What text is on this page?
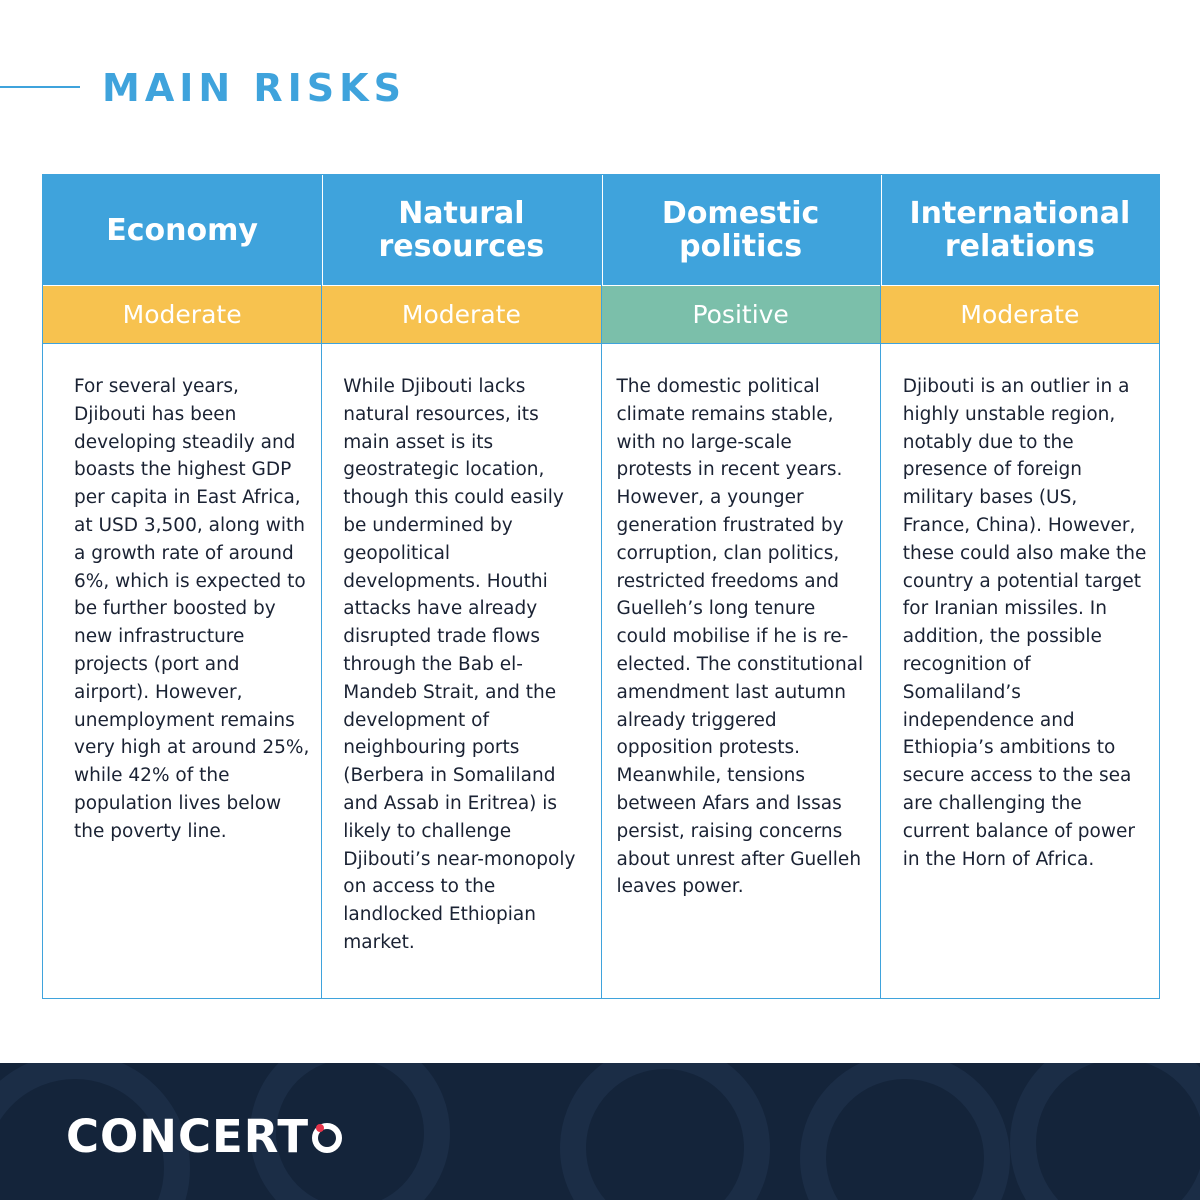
MAIN RISKS
Economy
Moderate
For several years, Djibouti has been developing steadily and boasts the highest GDP per capita in East Africa, at USD 3,500, along with a growth rate of around 6%, which is expected to be further boosted by new infrastructure projects (port and airport). However, unemployment remains very high at around 25%, while 42% of the population lives below the poverty line.
Natural resources
Moderate
While Djibouti lacks natural resources, its main asset is its geostrategic location, though this could easily be undermined by geopolitical developments. Houthi attacks have already disrupted trade flows through the Bab el-Mandeb Strait, and the development of neighbouring ports (Berbera in Somaliland and Assab in Eritrea) is likely to challenge Djibouti’s near-monopoly on access to the landlocked Ethiopian market.
Domestic politics
Positive
The domestic political climate remains stable, with no large-scale protests in recent years. However, a younger generation frustrated by corruption, clan politics, restricted freedoms and Guelleh’s long tenure could mobilise if he is re-elected. The constitutional amendment last autumn already triggered opposition protests. Meanwhile, tensions between Afars and Issas persist, raising concerns about unrest after Guelleh leaves power.
International relations
Moderate
Djibouti is an outlier in a highly unstable region, notably due to the presence of foreign military bases (US, France, China). However, these could also make the country a potential target for Iranian missiles. In addition, the possible recognition of Somaliland’s independence and Ethiopia’s ambitions to secure access to the sea are challenging the current balance of power in the Horn of Africa.
CONCERT
